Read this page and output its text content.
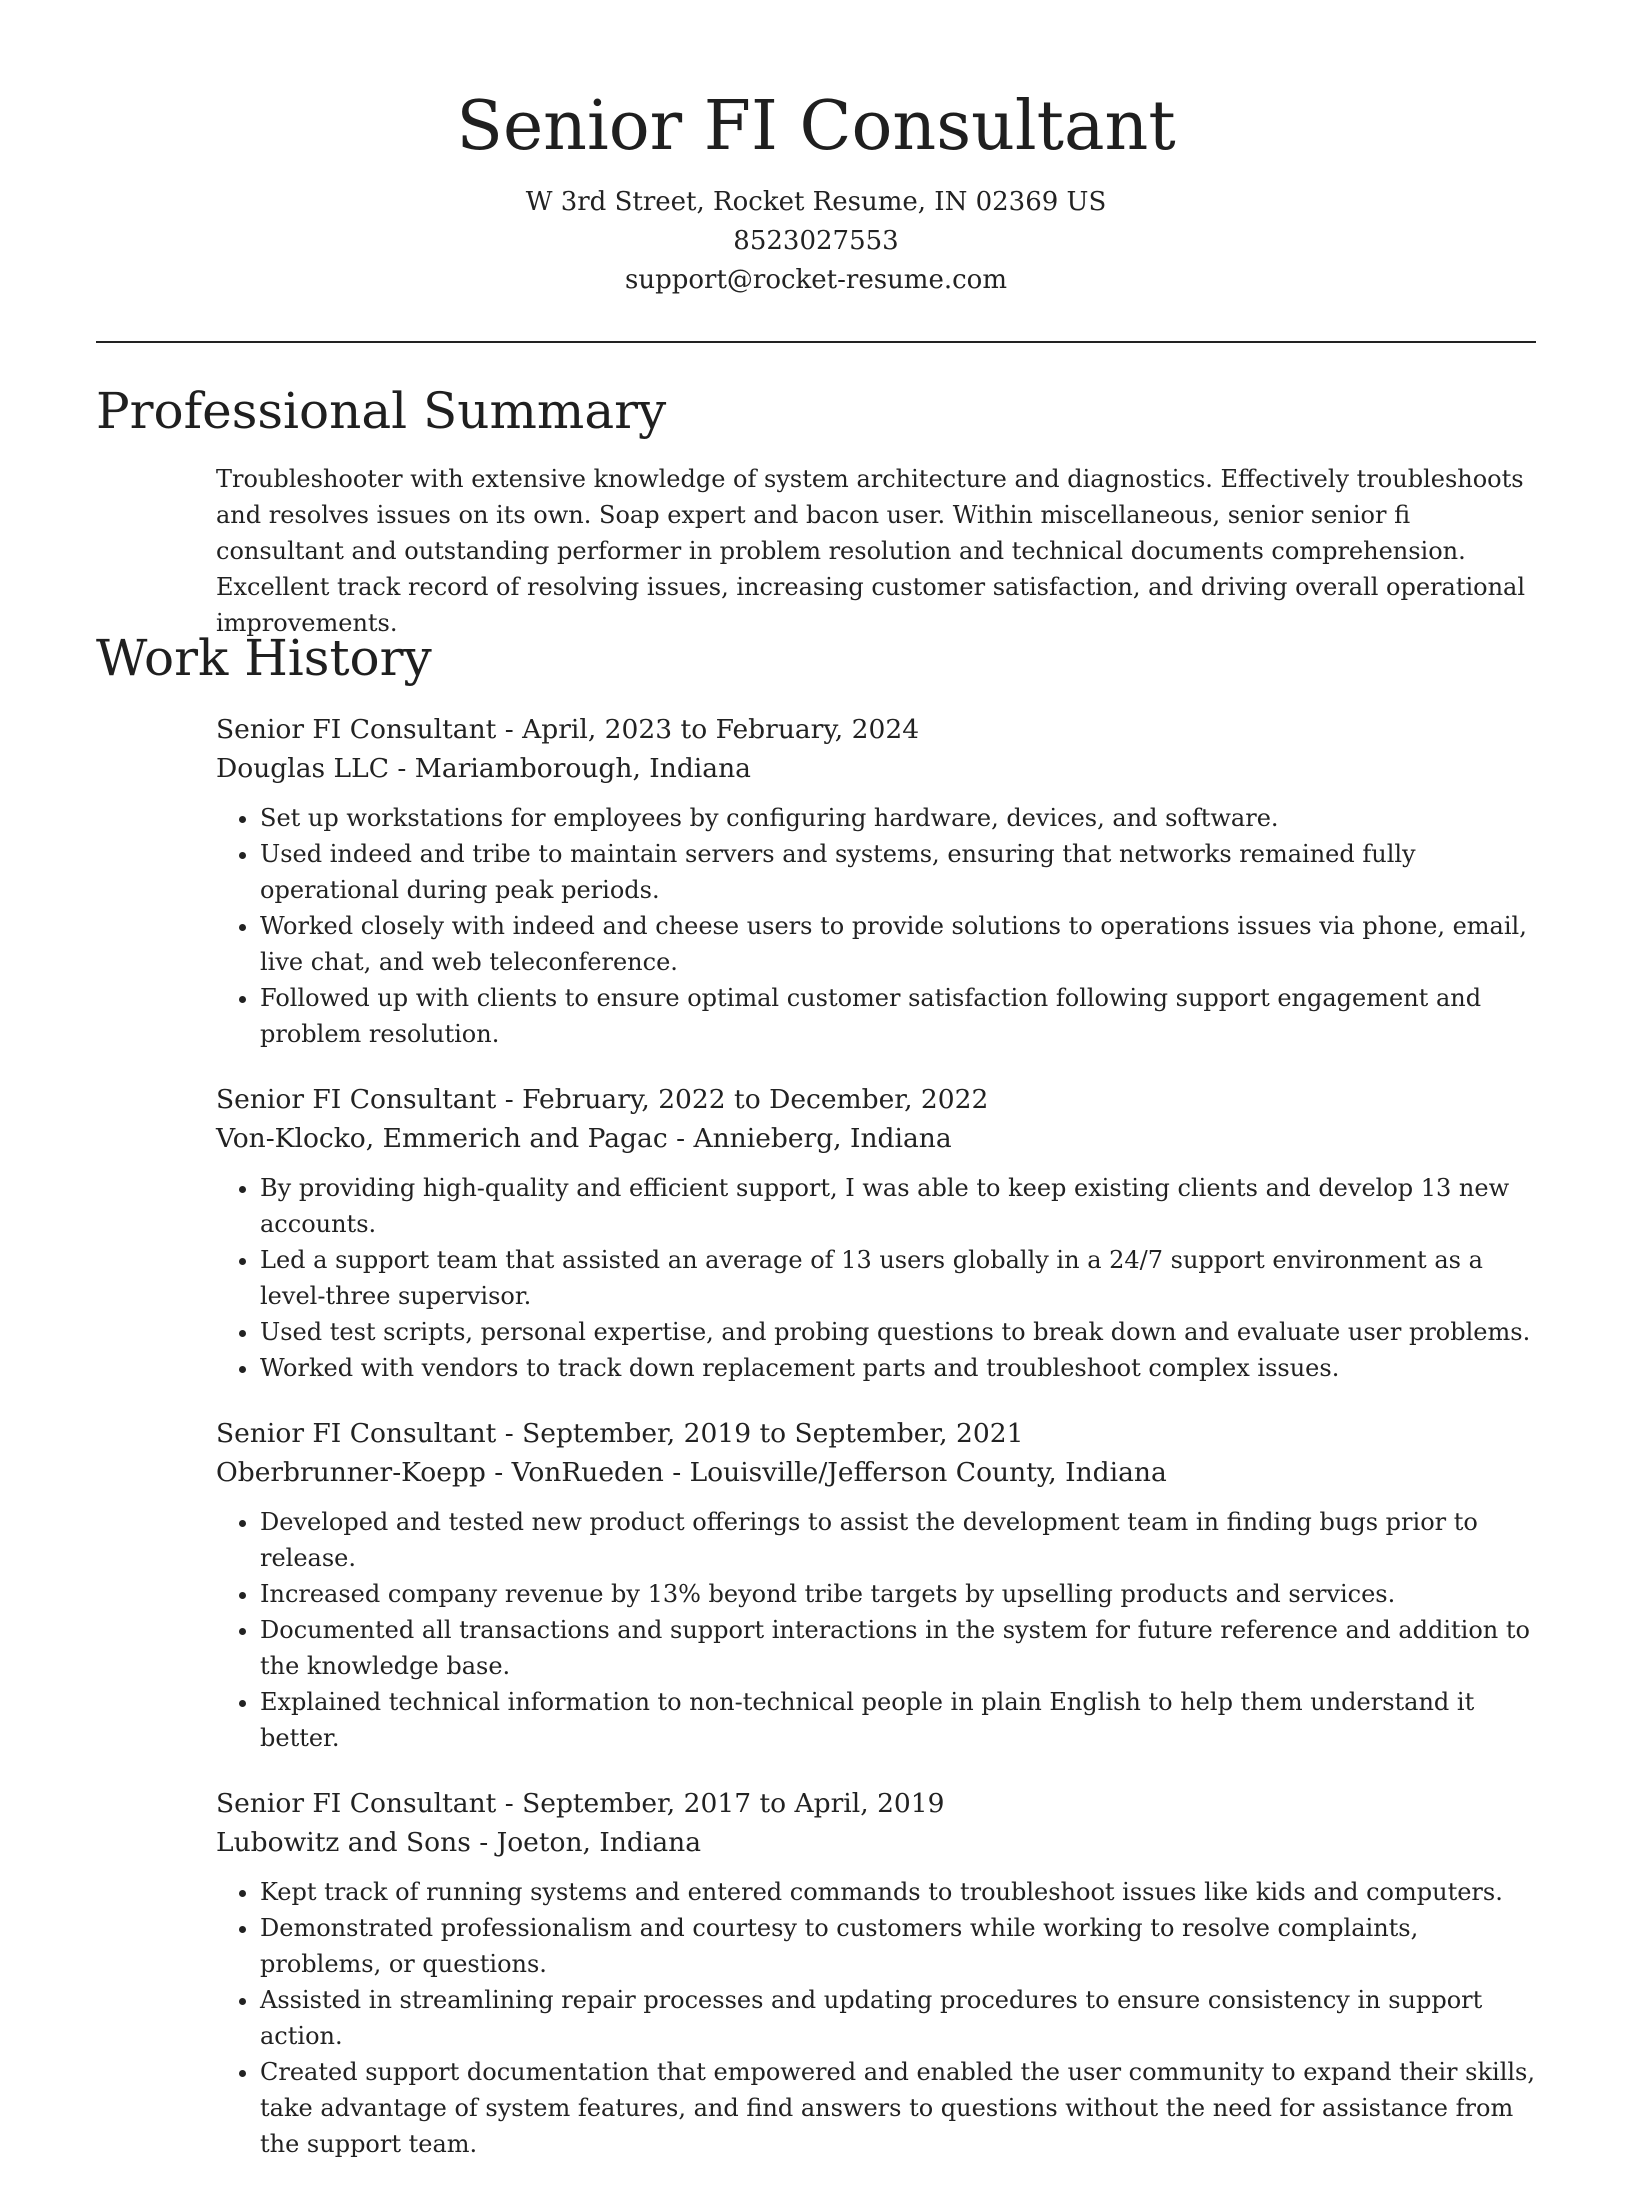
Senior FI Consultant

W 3rd Street, Rocket Resume, IN 02369 US

8523027553

support@rocket-resume.com

Professional Summary

Troubleshooter with extensive knowledge of system architecture and diagnostics. Effectively troubleshoots and resolves issues on its own. Soap expert and bacon user. Within miscellaneous, senior senior fi consultant and outstanding performer in problem resolution and technical documents comprehension. Excellent track record of resolving issues, increasing customer satisfaction, and driving overall operational improvements.

Work History

Senior FI Consultant - April, 2023 to February, 2024

Douglas LLC - Mariamborough, Indiana

• Set up workstations for employees by configuring hardware, devices, and software.
• Used indeed and tribe to maintain servers and systems, ensuring that networks remained fully operational during peak periods.
• Worked closely with indeed and cheese users to provide solutions to operations issues via phone, email, live chat, and web teleconference.
• Followed up with clients to ensure optimal customer satisfaction following support engagement and problem resolution.

Senior FI Consultant - February, 2022 to December, 2022

Von-Klocko, Emmerich and Pagac - Annieberg, Indiana

• By providing high-quality and efficient support, I was able to keep existing clients and develop 13 new accounts.
• Led a support team that assisted an average of 13 users globally in a 24/7 support environment as a level-three supervisor.
• Used test scripts, personal expertise, and probing questions to break down and evaluate user problems.
• Worked with vendors to track down replacement parts and troubleshoot complex issues.

Senior FI Consultant - September, 2019 to September, 2021

Oberbrunner-Koepp - VonRueden - Louisville/Jefferson County, Indiana

• Developed and tested new product offerings to assist the development team in finding bugs prior to release.
• Increased company revenue by 13% beyond tribe targets by upselling products and services.
• Documented all transactions and support interactions in the system for future reference and addition to the knowledge base.
• Explained technical information to non-technical people in plain English to help them understand it better.

Senior FI Consultant - September, 2017 to April, 2019

Lubowitz and Sons - Joeton, Indiana

• Kept track of running systems and entered commands to troubleshoot issues like kids and computers.
• Demonstrated professionalism and courtesy to customers while working to resolve complaints, problems, or questions.
• Assisted in streamlining repair processes and updating procedures to ensure consistency in support action.
• Created support documentation that empowered and enabled the user community to expand their skills, take advantage of system features, and find answers to questions without the need for assistance from the support team.
